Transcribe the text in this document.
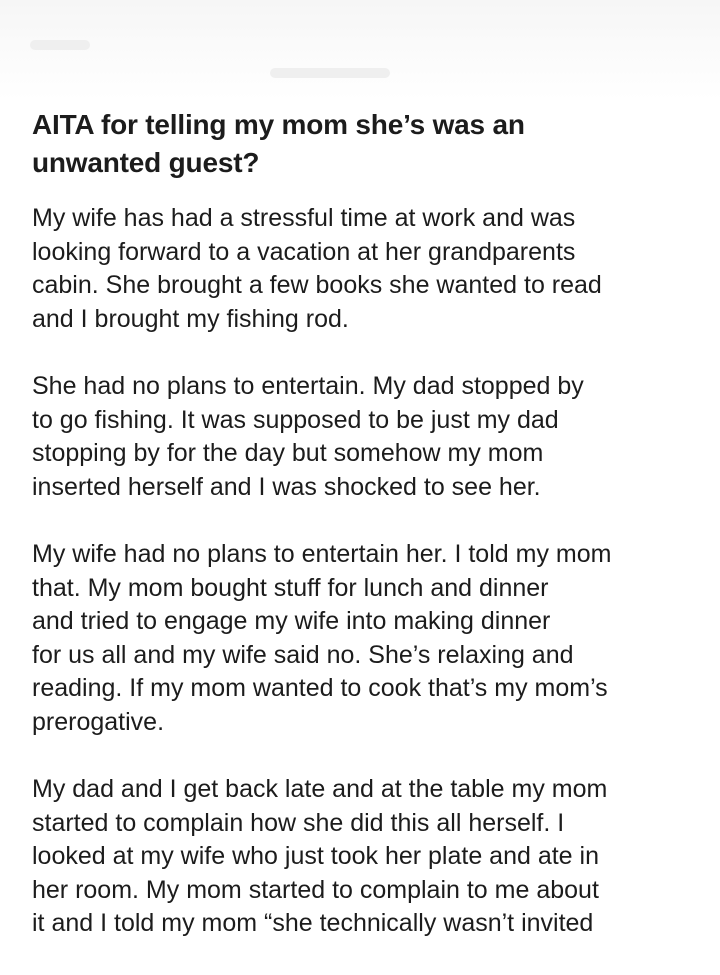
AITA for telling my mom she’s was an
unwanted guest?

My wife has had a stressful time at work and was
looking forward to a vacation at her grandparents
cabin. She brought a few books she wanted to read
and I brought my fishing rod.

She had no plans to entertain. My dad stopped by
to go fishing. It was supposed to be just my dad
stopping by for the day but somehow my mom
inserted herself and I was shocked to see her.

My wife had no plans to entertain her. I told my mom
that. My mom bought stuff for lunch and dinner
and tried to engage my wife into making dinner
for us all and my wife said no. She’s relaxing and
reading. If my mom wanted to cook that’s my mom’s
prerogative.

My dad and I get back late and at the table my mom
started to complain how she did this all herself. I
looked at my wife who just took her plate and ate in
her room. My mom started to complain to me about
it and I told my mom “she technically wasn’t invited
